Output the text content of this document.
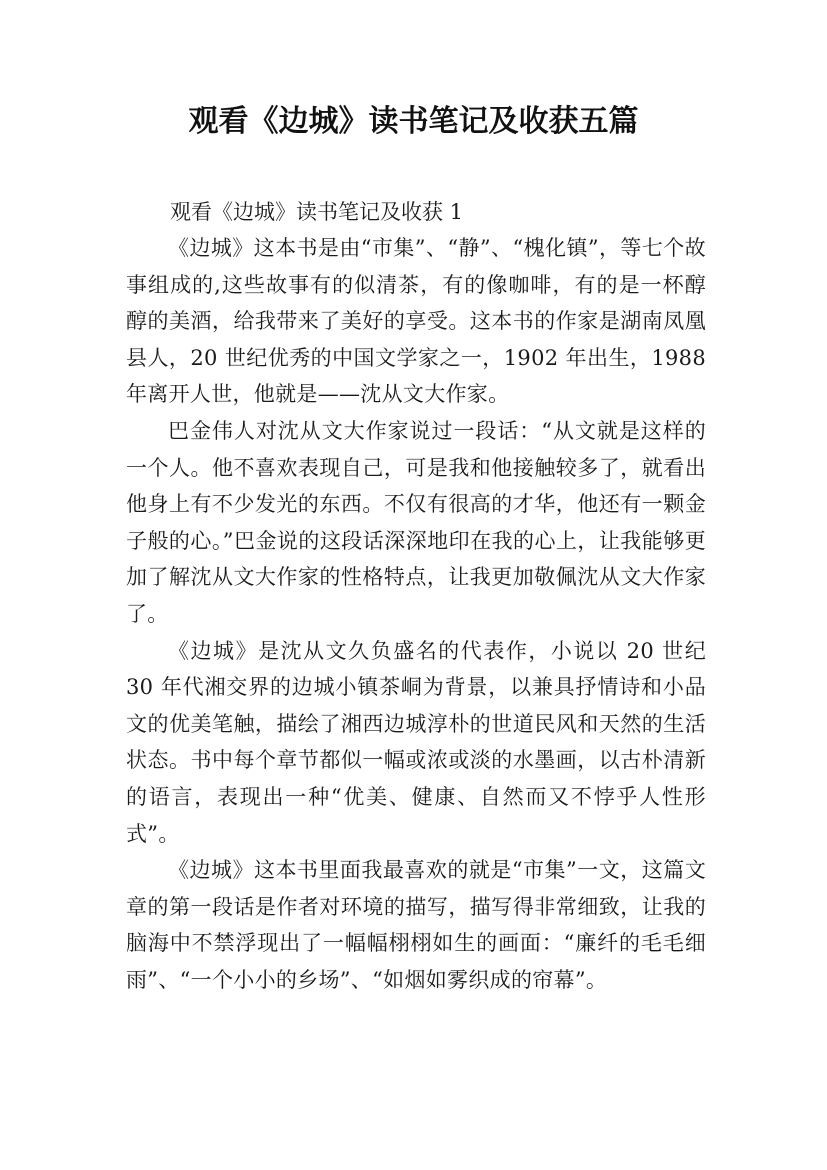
观看《边城》读书笔记及收获五篇
观看《边城》读书笔记及收获 1

《边城》这本书是由“市集”、“静”、“槐化镇”，等七个故事组成的,这些故事有的似清茶，有的像咖啡，有的是一杯醇醇的美酒，给我带来了美好的享受。这本书的作家是湖南凤凰县人，20 世纪优秀的中国文学家之一，1902 年出生，1988 年离开人世，他就是——沈从文大作家。

巴金伟人对沈从文大作家说过一段话：“从文就是这样的一个人。他不喜欢表现自己，可是我和他接触较多了，就看出他身上有不少发光的东西。不仅有很高的才华，他还有一颗金子般的心。”巴金说的这段话深深地印在我的心上，让我能够更加了解沈从文大作家的性格特点，让我更加敬佩沈从文大作家了。

《边城》是沈从文久负盛名的代表作，小说以 20 世纪 30 年代湘交界的边城小镇茶峒为背景，以兼具抒情诗和小品文的优美笔触，描绘了湘西边城淳朴的世道民风和天然的生活状态。书中每个章节都似一幅或浓或淡的水墨画，以古朴清新的语言，表现出一种“优美、健康、自然而又不悖乎人性形式”。

《边城》这本书里面我最喜欢的就是“市集”一文，这篇文章的第一段话是作者对环境的描写，描写得非常细致，让我的脑海中不禁浮现出了一幅幅栩栩如生的画面：“廉纤的毛毛细雨”、“一个小小的乡场”、“如烟如雾织成的帘幕”。
